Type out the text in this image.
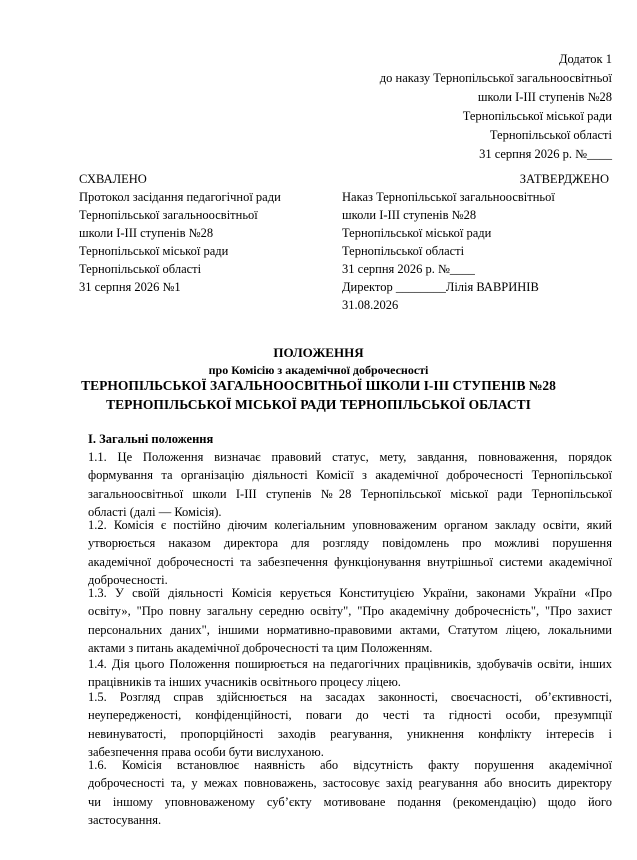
Додаток 1
до наказу Тернопільської загальноосвітньої
школи І-ІІІ ступенів №28
Тернопільської міської ради
Тернопільської області
31 серпня 2026 р. №____
СХВАЛЕНО
Протокол засідання педагогічної ради
Тернопільської загальноосвітньої
школи І-ІІІ ступенів №28
Тернопільської міської ради
Тернопільської області
31 серпня 2026 №1
ЗАТВЕРДЖЕНО
Наказ Тернопільської загальноосвітньої
школи І-ІІІ ступенів №28
Тернопільської міської ради
Тернопільської області
31 серпня 2026 р. №____
Директор ________Лілія ВАВРИНІВ
31.08.2026
ПОЛОЖЕННЯ
про Комісію з академічної доброчесності
ТЕРНОПІЛЬСЬКОЇ ЗАГАЛЬНООСВІТНЬОЇ ШКОЛИ І-ІІІ СТУПЕНІВ №28
ТЕРНОПІЛЬСЬКОЇ МІСЬКОЇ РАДИ ТЕРНОПІЛЬСЬКОЇ ОБЛАСТІ
І. Загальні положення
1.1. Це Положення визначає правовий статус, мету, завдання, повноваження, порядок
формування та організацію діяльності Комісії з академічної доброчесності Тернопільської
загальноосвітньої школи І-ІІІ ступенів №28 Тернопільської міської ради Тернопільської
області (далі — Комісія).
1.2. Комісія є постійно діючим колегіальним уповноваженим органом закладу освіти, який
утворюється наказом директора для розгляду повідомлень про можливі порушення
академічної доброчесності та забезпечення функціонування внутрішньої системи академічної
доброчесності.
1.3. У своїй діяльності Комісія керується Конституцією України, законами України «Про
освіту», "Про повну загальну середню освіту", "Про академічну доброчесність", "Про захист
персональних даних", іншими нормативно-правовими актами, Статутом ліцею, локальними
актами з питань академічної доброчесності та цим Положенням.
1.4. Дія цього Положення поширюється на педагогічних працівників, здобувачів освіти, інших
працівників та інших учасників освітнього процесу ліцею.
1.5. Розгляд справ здійснюється на засадах законності, своєчасності, об’єктивності,
неупередженості, конфіденційності, поваги до честі та гідності особи, презумпції
невинуватості, пропорційності заходів реагування, уникнення конфлікту інтересів і
забезпечення права особи бути вислуханою.
1.6. Комісія встановлює наявність або відсутність факту порушення академічної
доброчесності та, у межах повноважень, застосовує захід реагування або вносить директору
чи іншому уповноваженому суб’єкту мотивоване подання (рекомендацію) щодо його
застосування.
